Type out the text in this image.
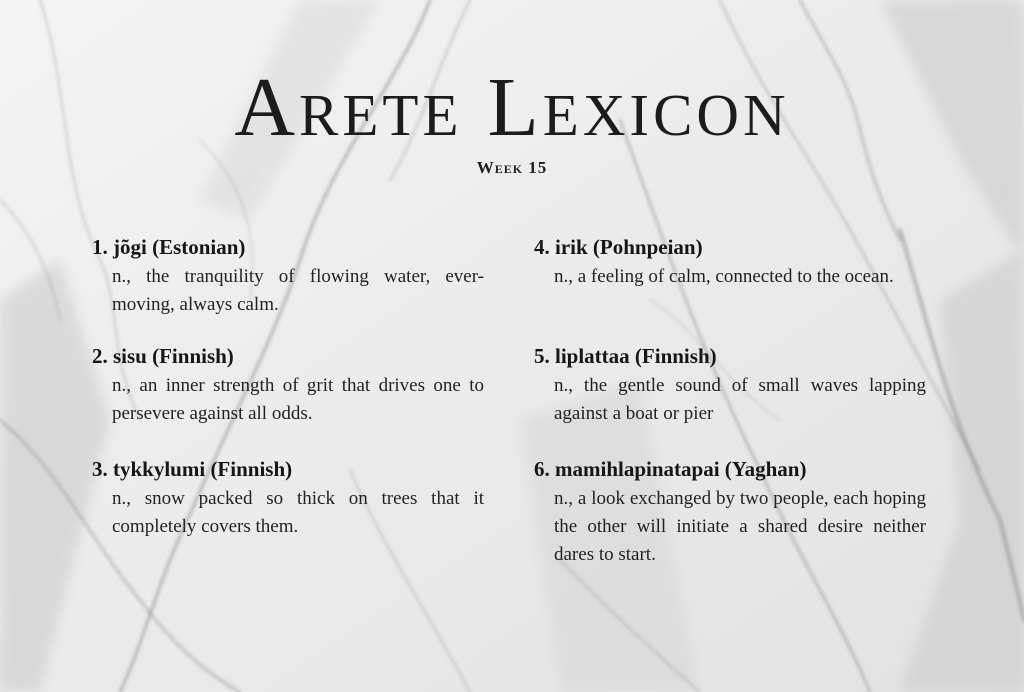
Arete Lexicon
Week 15
1. jõgi (Estonian)
n., the tranquility of flowing water, ever-moving, always calm.
2. sisu (Finnish)
n., an inner strength of grit that drives one to persevere against all odds.
3. tykkylumi (Finnish)
n., snow packed so thick on trees that it completely covers them.
4. irik (Pohnpeian)
n., a feeling of calm, connected to the ocean.
5. liplattaa (Finnish)
n., the gentle sound of small waves lapping against a boat or pier
6. mamihlapinatapai (Yaghan)
n., a look exchanged by two people, each hoping the other will initiate a shared desire neither dares to start.
